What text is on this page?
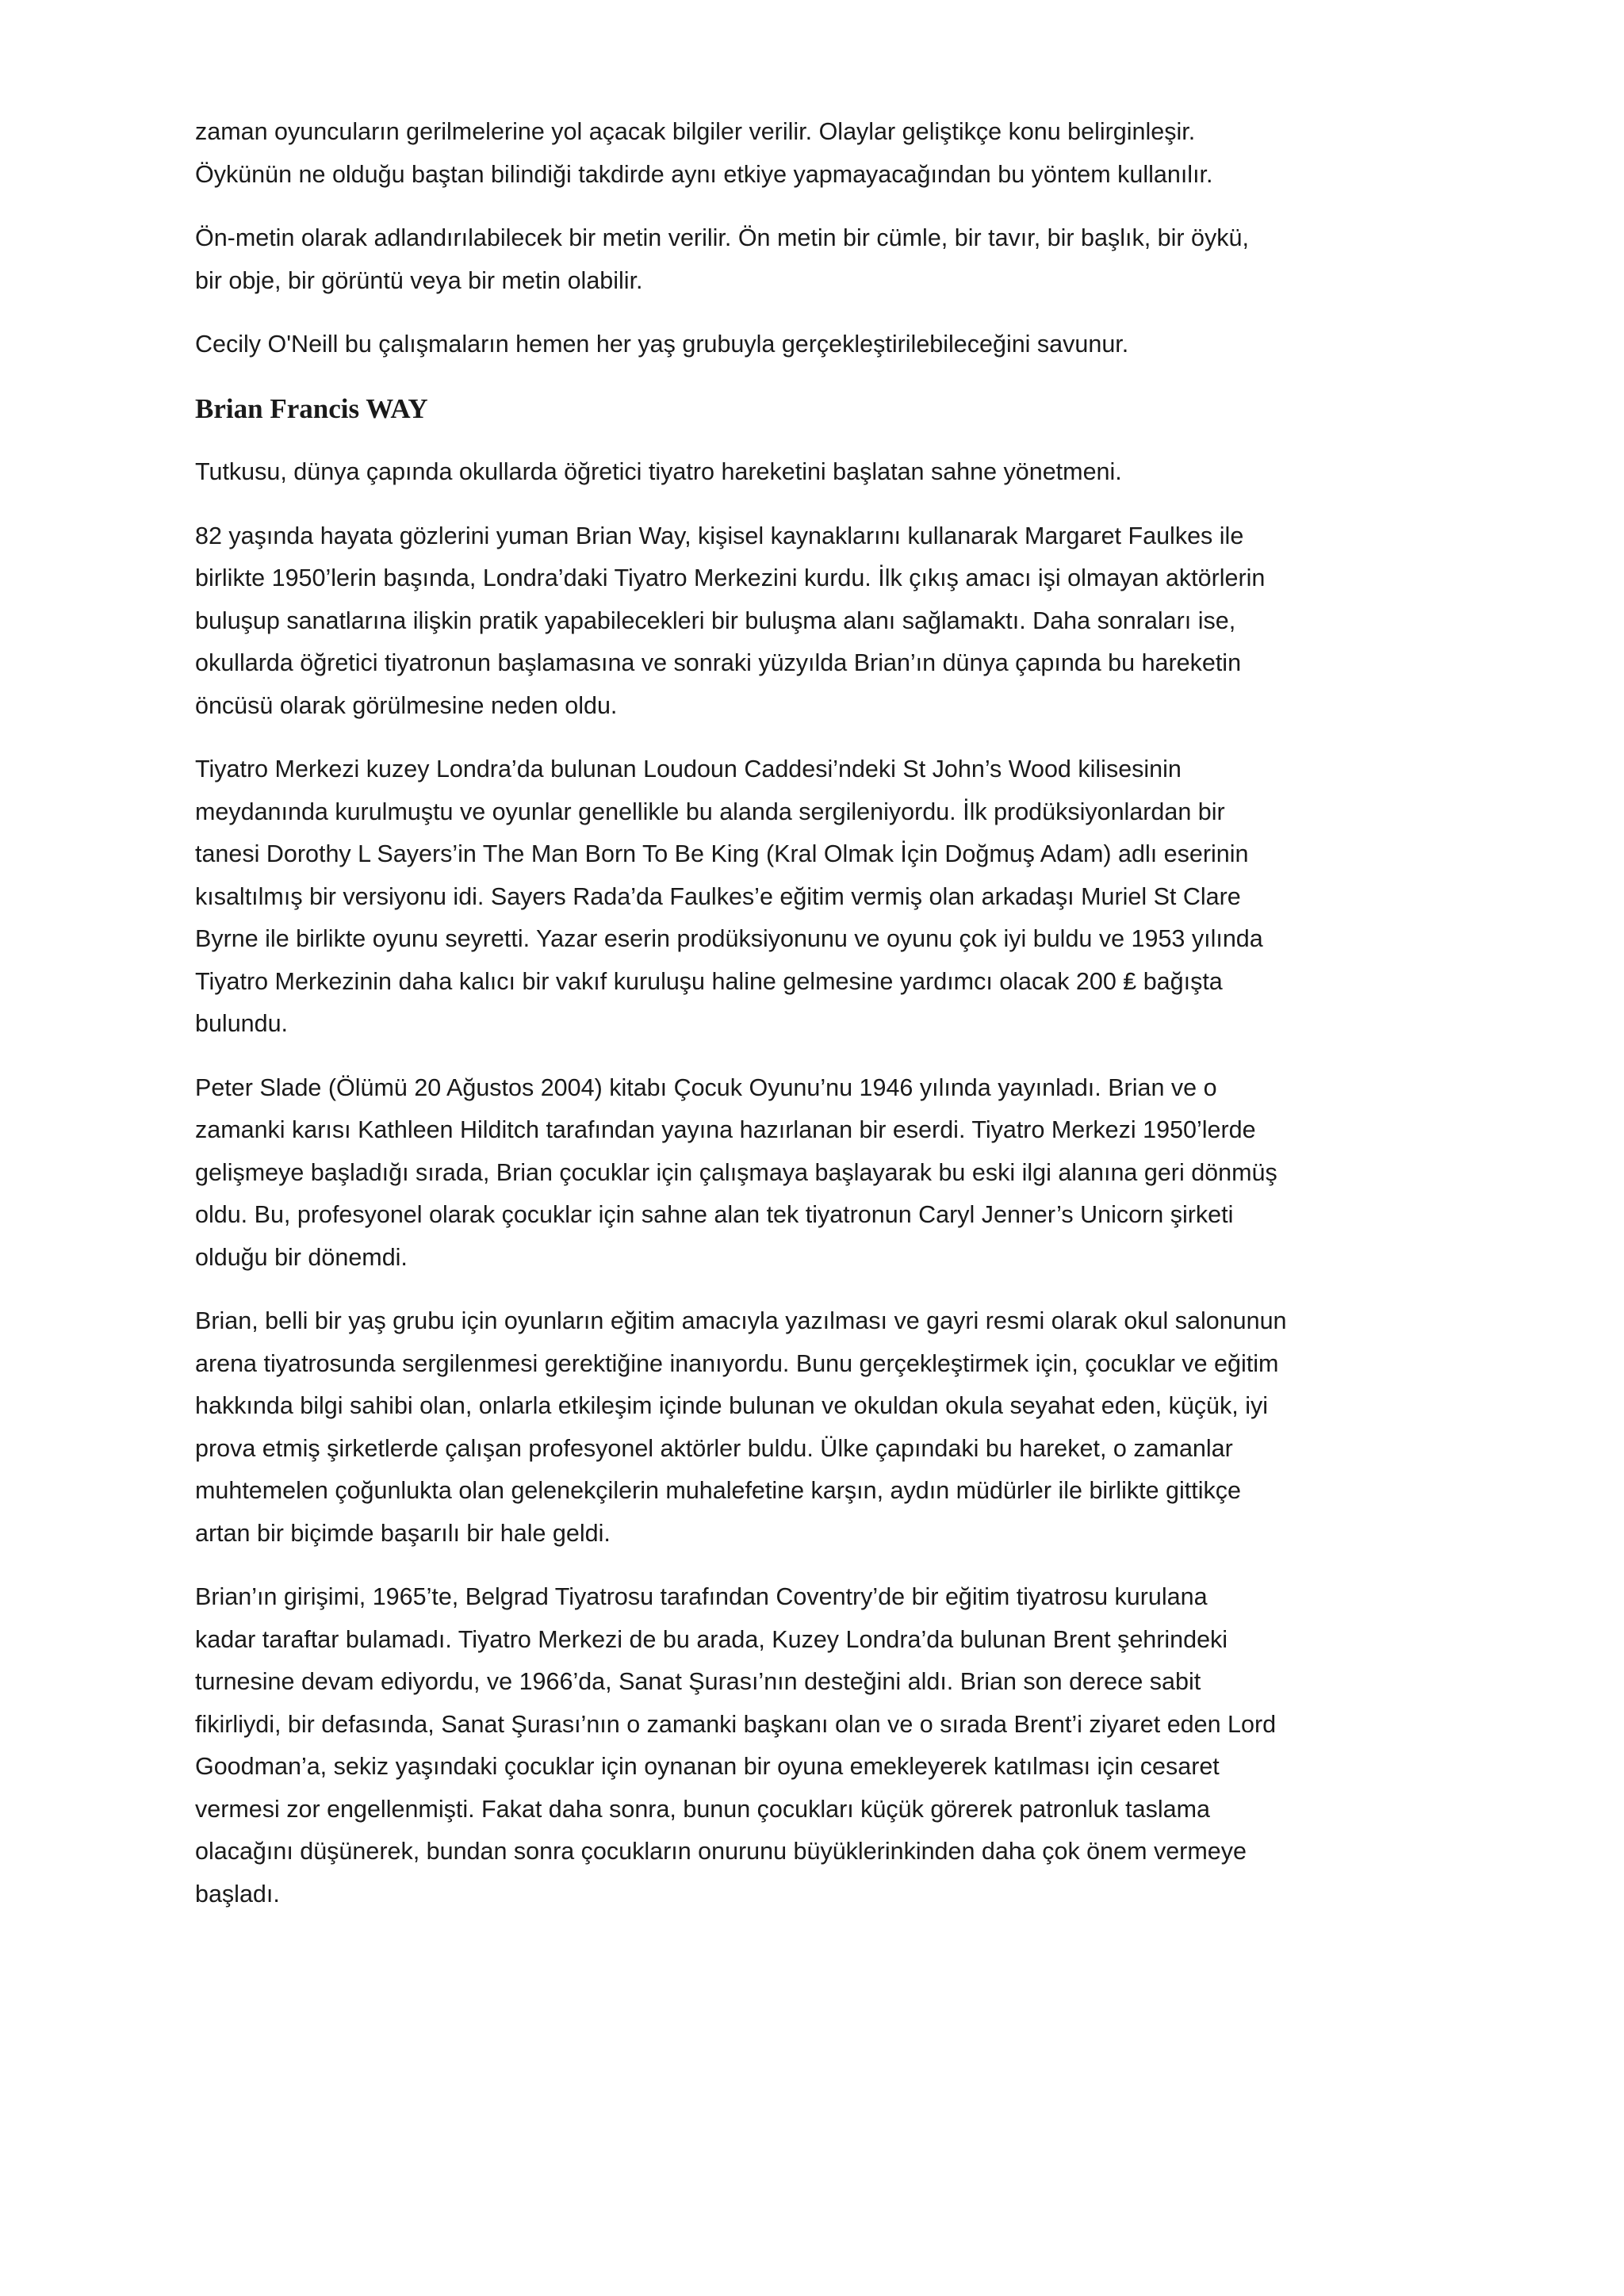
zaman oyuncuların gerilmelerine yol açacak bilgiler verilir. Olaylar geliştikçe konu belirginleşir.
Öykünün ne olduğu baştan bilindiği takdirde aynı etkiye yapmayacağından bu yöntem kullanılır.

Ön-metin olarak adlandırılabilecek bir metin verilir. Ön metin bir cümle, bir tavır, bir başlık, bir öykü,
bir obje, bir görüntü veya bir metin olabilir.

Cecily O'Neill bu çalışmaların hemen her yaş grubuyla gerçekleştirilebileceğini savunur.

Brian Francis WAY

Tutkusu, dünya çapında okullarda öğretici tiyatro hareketini başlatan sahne yönetmeni.

82 yaşında hayata gözlerini yuman Brian Way, kişisel kaynaklarını kullanarak Margaret Faulkes ile
birlikte 1950’lerin başında, Londra’daki Tiyatro Merkezini kurdu. İlk çıkış amacı işi olmayan aktörlerin
buluşup sanatlarına ilişkin pratik yapabilecekleri bir buluşma alanı sağlamaktı. Daha sonraları ise,
okullarda öğretici tiyatronun başlamasına ve sonraki yüzyılda Brian’ın dünya çapında bu hareketin
öncüsü olarak görülmesine neden oldu.

Tiyatro Merkezi kuzey Londra’da bulunan Loudoun Caddesi’ndeki St John’s Wood kilisesinin
meydanında kurulmuştu ve oyunlar genellikle bu alanda sergileniyordu. İlk prodüksiyonlardan bir
tanesi Dorothy L Sayers’in The Man Born To Be King (Kral Olmak İçin Doğmuş Adam) adlı eserinin
kısaltılmış bir versiyonu idi. Sayers Rada’da Faulkes’e eğitim vermiş olan arkadaşı Muriel St Clare
Byrne ile birlikte oyunu seyretti. Yazar eserin prodüksiyonunu ve oyunu çok iyi buldu ve 1953 yılında
Tiyatro Merkezinin daha kalıcı bir vakıf kuruluşu haline gelmesine yardımcı olacak 200 ₤ bağışta
bulundu.

Peter Slade (Ölümü 20 Ağustos 2004) kitabı Çocuk Oyunu’nu 1946 yılında yayınladı. Brian ve o
zamanki karısı Kathleen Hilditch tarafından yayına hazırlanan bir eserdi. Tiyatro Merkezi 1950’lerde
gelişmeye başladığı sırada, Brian çocuklar için çalışmaya başlayarak bu eski ilgi alanına geri dönmüş
oldu. Bu, profesyonel olarak çocuklar için sahne alan tek tiyatronun Caryl Jenner’s Unicorn şirketi
olduğu bir dönemdi.

Brian, belli bir yaş grubu için oyunların eğitim amacıyla yazılması ve gayri resmi olarak okul salonunun
arena tiyatrosunda sergilenmesi gerektiğine inanıyordu. Bunu gerçekleştirmek için, çocuklar ve eğitim
hakkında bilgi sahibi olan, onlarla etkileşim içinde bulunan ve okuldan okula seyahat eden, küçük, iyi
prova etmiş şirketlerde çalışan profesyonel aktörler buldu. Ülke çapındaki bu hareket, o zamanlar
muhtemelen çoğunlukta olan gelenekçilerin muhalefetine karşın, aydın müdürler ile birlikte gittikçe
artan bir biçimde başarılı bir hale geldi.

Brian’ın girişimi, 1965’te, Belgrad Tiyatrosu tarafından Coventry’de bir eğitim tiyatrosu kurulana
kadar taraftar bulamadı. Tiyatro Merkezi de bu arada, Kuzey Londra’da bulunan Brent şehrindeki
turnesine devam ediyordu, ve 1966’da, Sanat Şurası’nın desteğini aldı. Brian son derece sabit
fikirliydi, bir defasında, Sanat Şurası’nın o zamanki başkanı olan ve o sırada Brent’i ziyaret eden Lord
Goodman’a, sekiz yaşındaki çocuklar için oynanan bir oyuna emekleyerek katılması için cesaret
vermesi zor engellenmişti. Fakat daha sonra, bunun çocukları küçük görerek patronluk taslama
olacağını düşünerek, bundan sonra çocukların onurunu büyüklerinkinden daha çok önem vermeye
başladı.
